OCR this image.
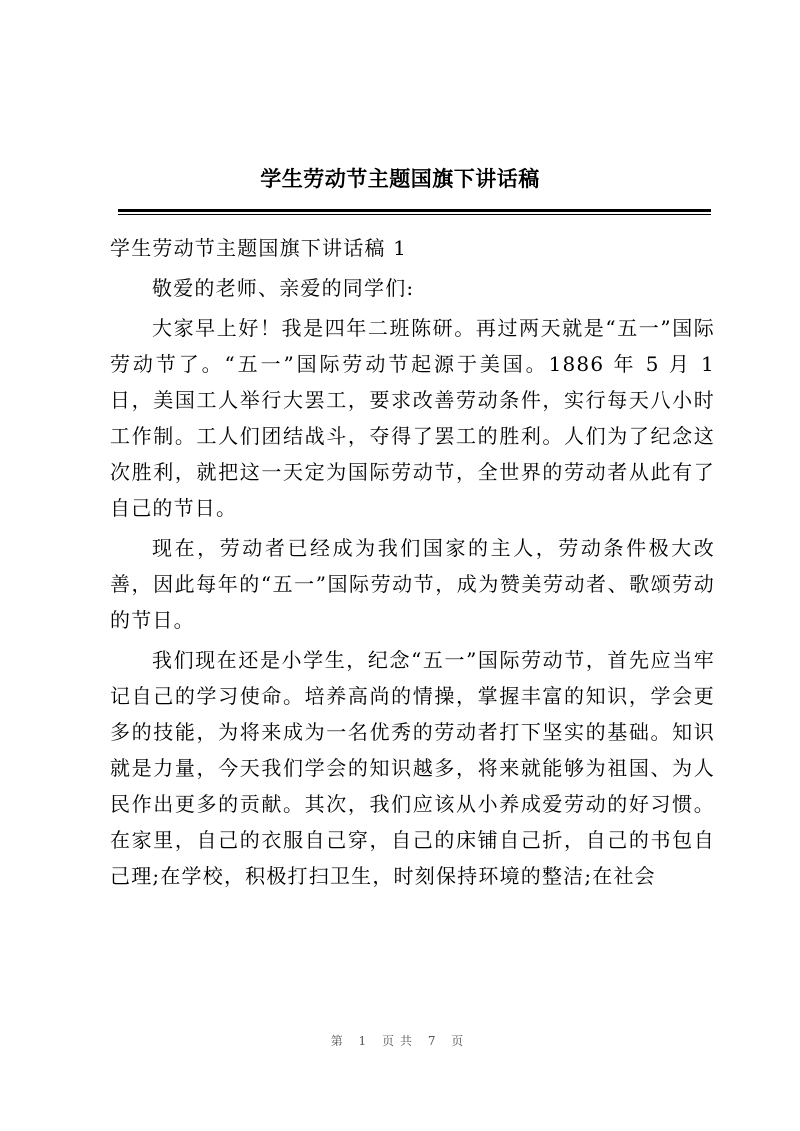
学生劳动节主题国旗下讲话稿

学生劳动节主题国旗下讲话稿 1

敬爱的老师、亲爱的同学们:

大家早上好！我是四年二班陈研。再过两天就是“五一”国际劳动节了。“五一”国际劳动节起源于美国。1886 年 5 月 1 日，美国工人举行大罢工，要求改善劳动条件，实行每天八小时工作制。工人们团结战斗，夺得了罢工的胜利。人们为了纪念这次胜利，就把这一天定为国际劳动节，全世界的劳动者从此有了自己的节日。

现在，劳动者已经成为我们国家的主人，劳动条件极大改善，因此每年的“五一”国际劳动节，成为赞美劳动者、歌颂劳动的节日。

我们现在还是小学生，纪念“五一”国际劳动节，首先应当牢记自己的学习使命。培养高尚的情操，掌握丰富的知识，学会更多的技能，为将来成为一名优秀的劳动者打下坚实的基础。知识就是力量，今天我们学会的知识越多，将来就能够为祖国、为人民作出更多的贡献。其次，我们应该从小养成爱劳动的好习惯。在家里，自己的衣服自己穿，自己的床铺自己折，自己的书包自己理;在学校，积极打扫卫生，时刻保持环境的整洁;在社会

第 1 页共 7 页
